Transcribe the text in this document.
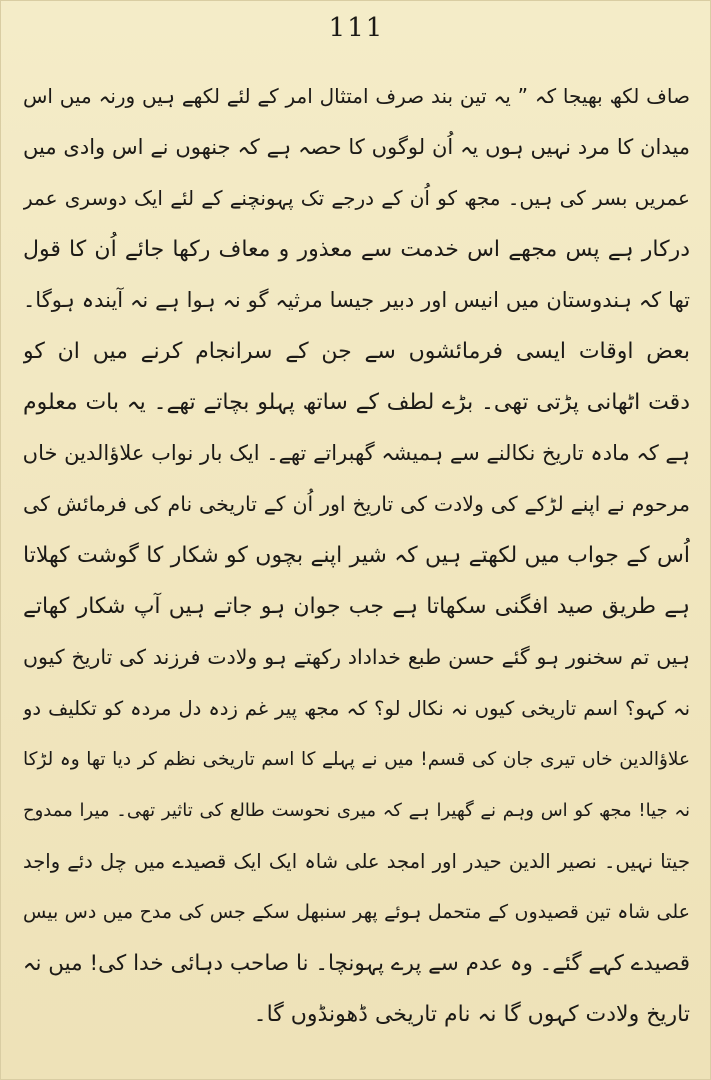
111
صاف لکھ بھیجا کہ ” یہ تین بند صرف امتثال امر کے لئے لکھے ہیں ورنہ میں اس
میدان کا مرد نہیں ہوں یہ اُن لوگوں کا حصہ ہے کہ جنھوں نے اس وادی میں
عمریں بسر کی ہیں۔ مجھ کو اُن کے درجے تک پہونچنے کے لئے ایک دوسری عمر
درکار ہے پس مجھے اس خدمت سے معذور و معاف رکھا جائے اُن کا قول
تھا کہ ہندوستان میں انیس اور دبیر جیسا مرثیہ گو نہ ہوا ہے نہ آیندہ ہوگا۔
بعض اوقات ایسی فرمائشوں سے جن کے سرانجام کرنے میں ان کو
دقت اٹھانی پڑتی تھی۔ بڑے لطف کے ساتھ پہلو بچاتے تھے۔ یہ بات معلوم
ہے کہ مادہ تاریخ نکالنے سے ہمیشہ گھبراتے تھے۔ ایک بار نواب علاؤالدین خاں
مرحوم نے اپنے لڑکے کی ولادت کی تاریخ اور اُن کے تاریخی نام کی فرمائش کی
اُس کے جواب میں لکھتے ہیں کہ شیر اپنے بچوں کو شکار کا گوشت کھلاتا
ہے طریق صید افگنی سکھاتا ہے جب جوان ہو جاتے ہیں آپ شکار کھاتے
ہیں تم سخنور ہو گئے حسن طبع خداداد رکھتے ہو ولادت فرزند کی تاریخ کیوں
نہ کہو؟ اسم تاریخی کیوں نہ نکال لو؟ کہ مجھ پیر غم زدہ دل مردہ کو تکلیف دو
علاؤالدین خاں تیری جان کی قسم! میں نے پہلے کا اسم تاریخی نظم کر دیا تھا وہ لڑکا
نہ جیا! مجھ کو اس وہم نے گھیرا ہے کہ میری نحوست طالع کی تاثیر تھی۔ میرا ممدوح
جیتا نہیں۔ نصیر الدین حیدر اور امجد علی شاہ ایک ایک قصیدے میں چل دئے واجد
علی شاہ تین قصیدوں کے متحمل ہوئے پھر سنبھل سکے جس کی مدح میں دس بیس
قصیدے کہے گئے۔ وہ عدم سے پرے پہونچا۔ نا صاحب دہائی خدا کی! میں نہ
تاریخ ولادت کہوں گا نہ نام تاریخی ڈھونڈوں گا۔
